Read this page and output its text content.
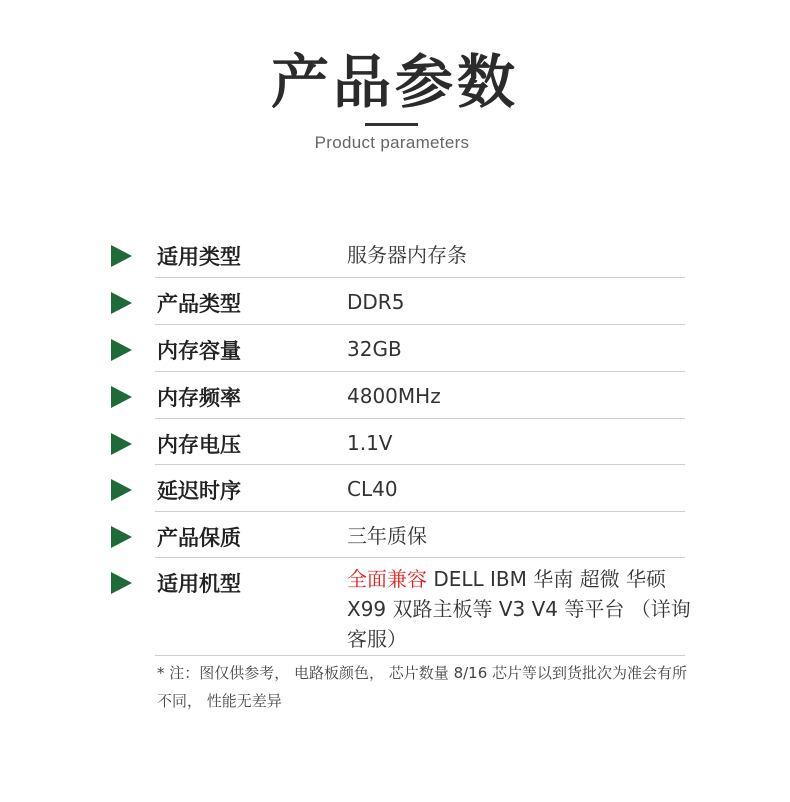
产品参数
Product parameters
适用类型	服务器内存条
产品类型	DDR5
内存容量	32GB
内存频率	4800MHz
内存电压	1.1V
延迟时序	CL40
产品保质	三年质保
适用机型	全面兼容 DELL IBM 华南 超微 华硕 X99 双路主板等 V3 V4 等平台 （详询客服）
* 注：图仅供参考， 电路板颜色， 芯片数量 8/16 芯片等以到货批次为准会有所不同， 性能无差异
